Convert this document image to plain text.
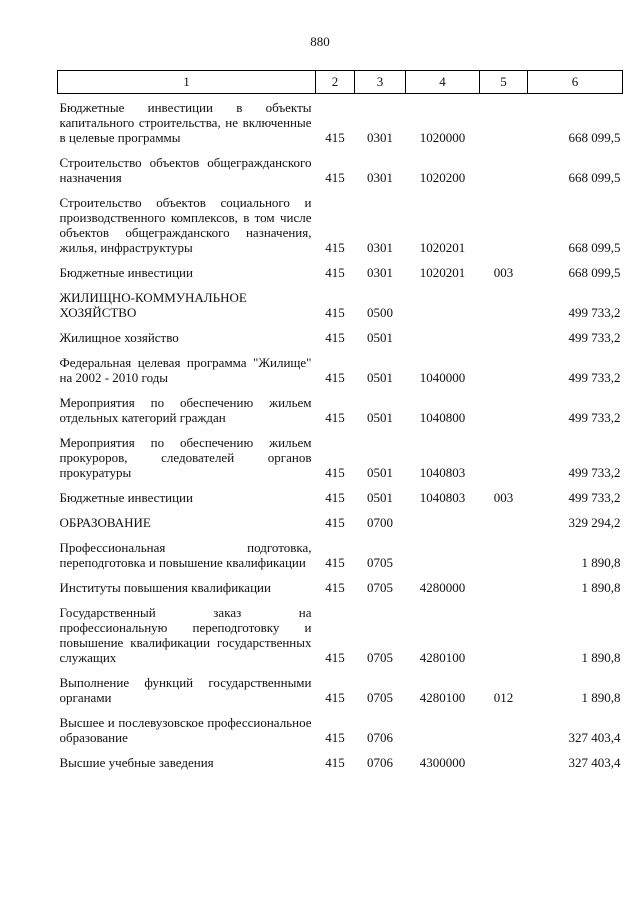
880
1	2	3	4	5	6
Бюджетные инвестиции в объекты капитального строительства, не включенные в целевые программы	415	0301	1020000		668 099,5
Строительство объектов общегражданского назначения	415	0301	1020200		668 099,5
Строительство объектов социального и производственного комплексов, в том числе объектов общегражданского назначения, жилья, инфраструктуры	415	0301	1020201		668 099,5
Бюджетные инвестиции	415	0301	1020201	003	668 099,5
ЖИЛИЩНО-КОММУНАЛЬНОЕ ХОЗЯЙСТВО	415	0500			499 733,2
Жилищное хозяйство	415	0501			499 733,2
Федеральная целевая программа "Жилище" на 2002 - 2010 годы	415	0501	1040000		499 733,2
Мероприятия по обеспечению жильем отдельных категорий граждан	415	0501	1040800		499 733,2
Мероприятия по обеспечению жильем прокуроров, следователей органов прокуратуры	415	0501	1040803		499 733,2
Бюджетные инвестиции	415	0501	1040803	003	499 733,2
ОБРАЗОВАНИЕ	415	0700			329 294,2
Профессиональная подготовка, переподготовка и повышение квалификации	415	0705			1 890,8
Институты повышения квалификации	415	0705	4280000		1 890,8
Государственный заказ на профессиональную переподготовку и повышение квалификации государственных служащих	415	0705	4280100		1 890,8
Выполнение функций государственными органами	415	0705	4280100	012	1 890,8
Высшее и послевузовское профессиональное образование	415	0706			327 403,4
Высшие учебные заведения	415	0706	4300000		327 403,4
